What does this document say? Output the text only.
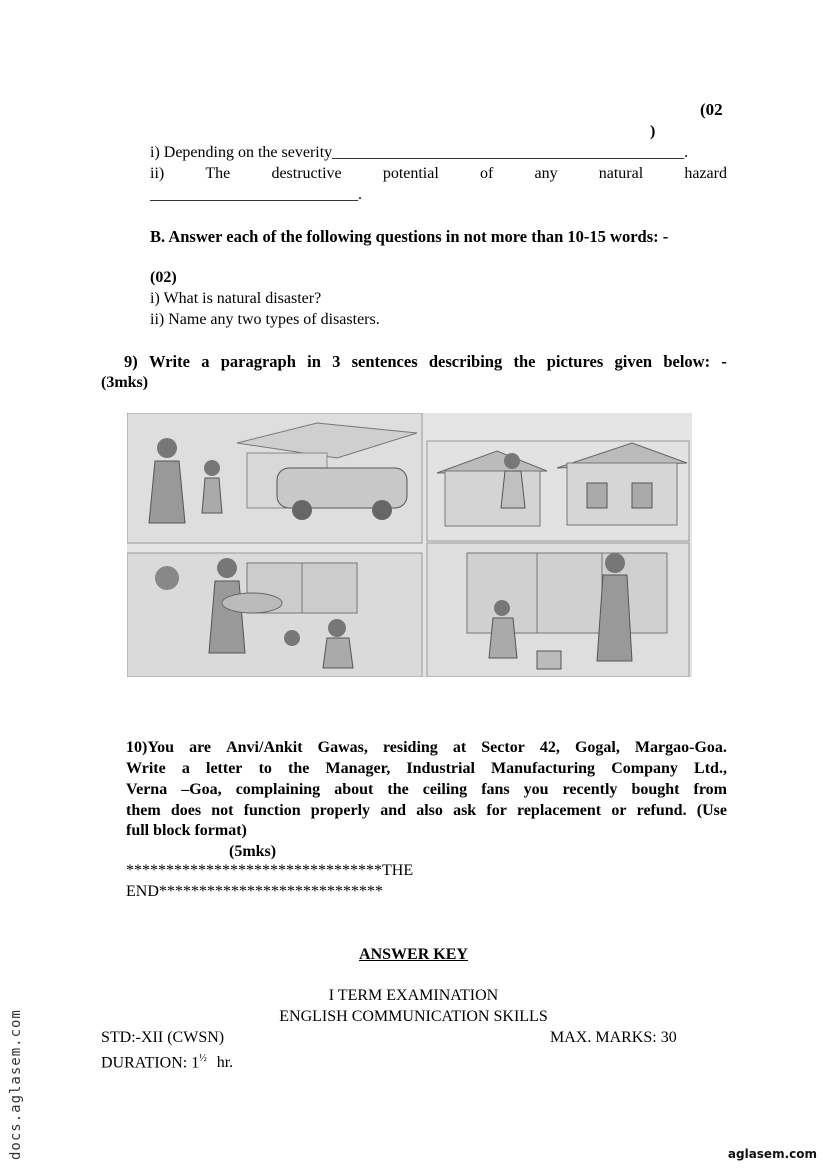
(02
)
i) Depending on the severity____________________________________________.
ii)	The	destructive	potential	of	any	natural	hazard
__________________________.
B. Answer each of the following questions in not more than 10-15 words: -
(02)
i) What is natural disaster?
ii) Name any two types of disasters.
9) Write a paragraph in 3 sentences describing the pictures given below: -
(3mks)
10)You are Anvi/Ankit Gawas, residing at Sector 42, Gogal, Margao-Goa.
Write a letter to the Manager, Industrial Manufacturing Company Ltd.,
Verna –Goa, complaining about the ceiling fans you recently bought from
them does not function properly and also ask for replacement or refund. (Use
full block format)
(5mks)
********************************THE
END****************************
ANSWER KEY
I TERM EXAMINATION
ENGLISH COMMUNICATION SKILLS
STD:-XII (CWSN)	MAX. MARKS: 30
DURATION: $1^{\frac{1}{2}}$ hr.
docs.aglasem.com	aglasem.com
